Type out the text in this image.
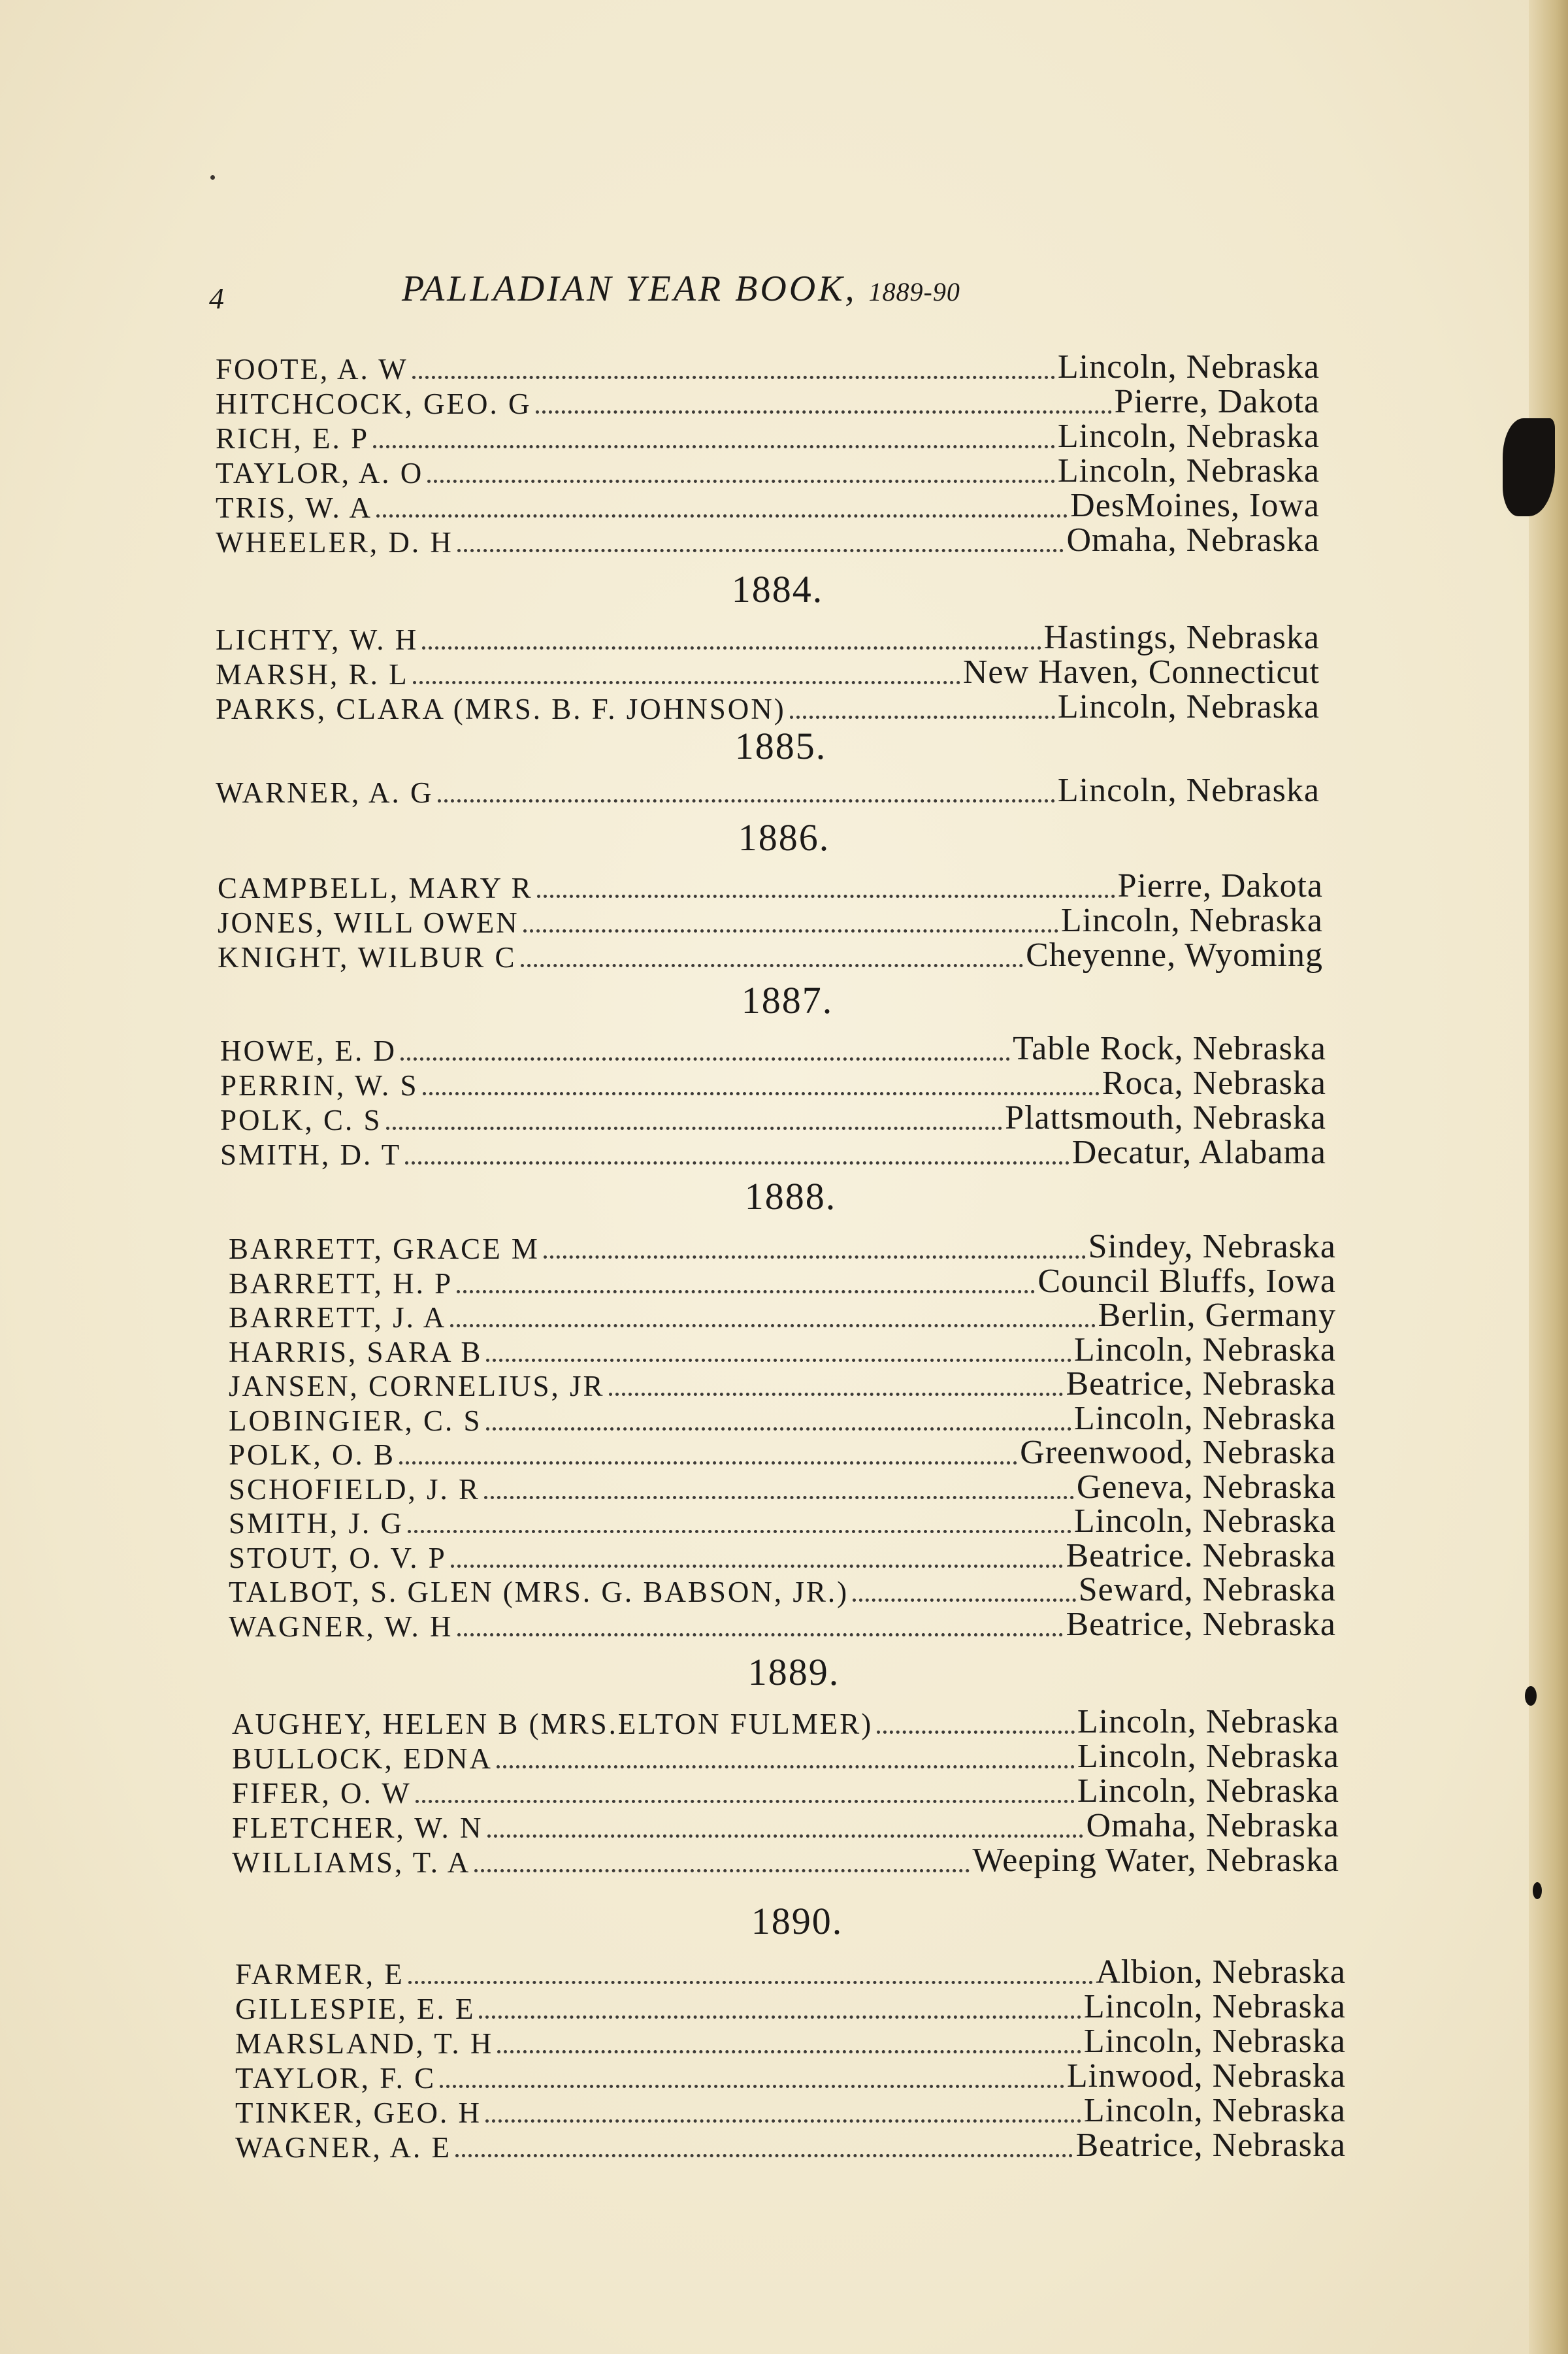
4	PALLADIAN YEAR BOOK, 1889-90
FOOTE, A. W	Lincoln, Nebraska
HITCHCOCK, GEO. G	Pierre, Dakota
RICH, E. P	Lincoln, Nebraska
TAYLOR, A. O	Lincoln, Nebraska
TRIS, W. A	DesMoines, Iowa
WHEELER, D. H	Omaha, Nebraska
1884.
LICHTY, W. H	Hastings, Nebraska
MARSH, R. L	New Haven, Connecticut
PARKS, CLARA (MRS. B. F. JOHNSON)	Lincoln, Nebraska
1885.
WARNER, A. G	Lincoln, Nebraska
1886.
CAMPBELL, MARY R	Pierre, Dakota
JONES, WILL OWEN	Lincoln, Nebraska
KNIGHT, WILBUR C	Cheyenne, Wyoming
1887.
HOWE, E. D	Table Rock, Nebraska
PERRIN, W. S	Roca, Nebraska
POLK, C. S	Plattsmouth, Nebraska
SMITH, D. T	Decatur, Alabama
1888.
BARRETT, GRACE M	Sindey, Nebraska
BARRETT, H. P	Council Bluffs, Iowa
BARRETT, J. A	Berlin, Germany
HARRIS, SARA B	Lincoln, Nebraska
JANSEN, CORNELIUS, JR	Beatrice, Nebraska
LOBINGIER, C. S	Lincoln, Nebraska
POLK, O. B	Greenwood, Nebraska
SCHOFIELD, J. R	Geneva, Nebraska
SMITH, J. G	Lincoln, Nebraska
STOUT, O. V. P	Beatrice. Nebraska
TALBOT, S. GLEN (MRS. G. BABSON, JR.)	Seward, Nebraska
WAGNER, W. H	Beatrice, Nebraska
1889.
AUGHEY, HELEN B (MRS.ELTON FULMER)	Lincoln, Nebraska
BULLOCK, EDNA	Lincoln, Nebraska
FIFER, O. W	Lincoln, Nebraska
FLETCHER, W. N	Omaha, Nebraska
WILLIAMS, T. A	Weeping Water, Nebraska
1890.
FARMER, E	Albion, Nebraska
GILLESPIE, E. E	Lincoln, Nebraska
MARSLAND, T. H	Lincoln, Nebraska
TAYLOR, F. C	Linwood, Nebraska
TINKER, GEO. H	Lincoln, Nebraska
WAGNER, A. E	Beatrice, Nebraska
